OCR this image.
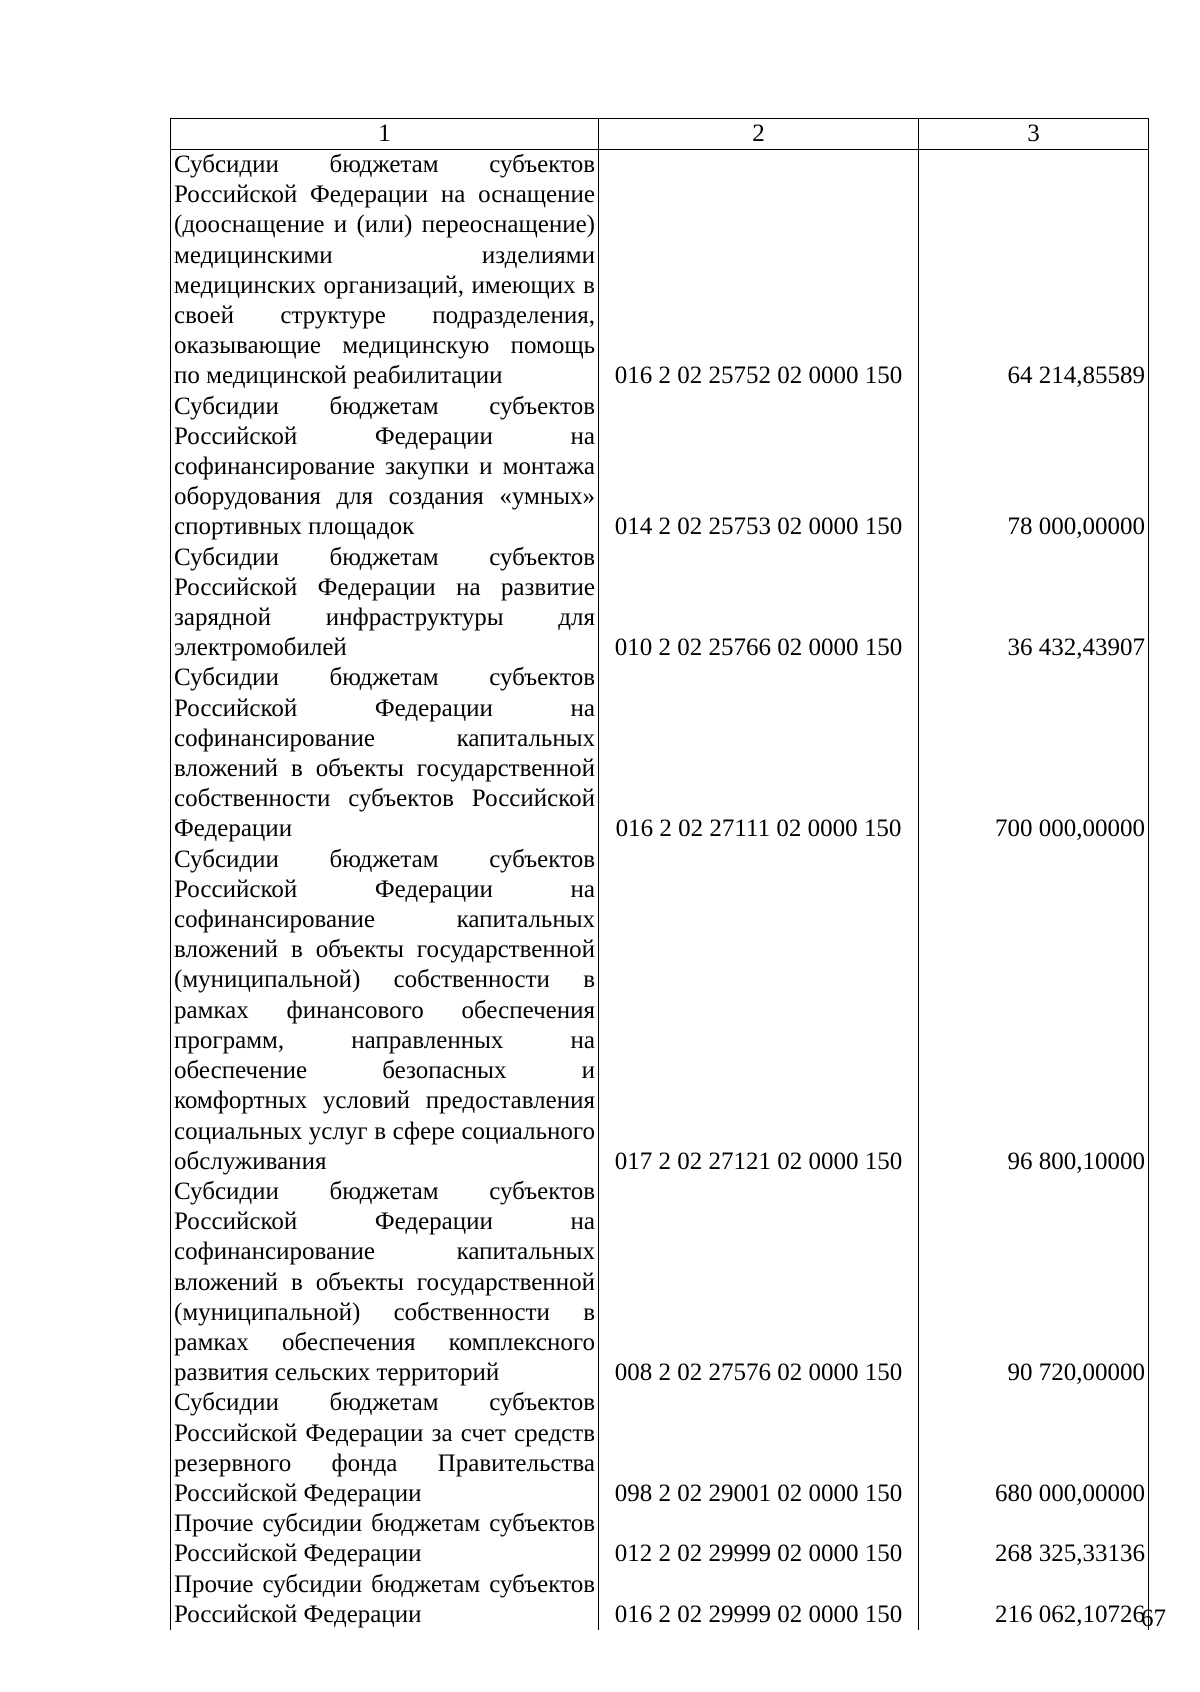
1	2	3
Субсидии бюджетам субъектов Российской Федерации на оснащение (дооснащение и (или) переоснащение) медицинскими изделиями медицинских организаций, имеющих в своей структуре подразделения, оказывающие медицинскую помощь по медицинской реабилитации	016 2 02 25752 02 0000 150	64 214,85589
Субсидии бюджетам субъектов Российской Федерации на софинансирование закупки и монтажа оборудования для создания «умных» спортивных площадок	014 2 02 25753 02 0000 150	78 000,00000
Субсидии бюджетам субъектов Российской Федерации на развитие зарядной инфраструктуры для электромобилей	010 2 02 25766 02 0000 150	36 432,43907
Субсидии бюджетам субъектов Российской Федерации на софинансирование капитальных вложений в объекты государственной собственности субъектов Российской Федерации	016 2 02 27111 02 0000 150	700 000,00000
Субсидии бюджетам субъектов Российской Федерации на софинансирование капитальных вложений в объекты государственной (муниципальной) собственности в рамках финансового обеспечения программ, направленных на обеспечение безопасных и комфортных условий предоставления социальных услуг в сфере социального обслуживания	017 2 02 27121 02 0000 150	96 800,10000
Субсидии бюджетам субъектов Российской Федерации на софинансирование капитальных вложений в объекты государственной (муниципальной) собственности в рамках обеспечения комплексного развития сельских территорий	008 2 02 27576 02 0000 150	90 720,00000
Субсидии бюджетам субъектов Российской Федерации за счет средств резервного фонда Правительства Российской Федерации	098 2 02 29001 02 0000 150	680 000,00000
Прочие субсидии бюджетам субъектов Российской Федерации	012 2 02 29999 02 0000 150	268 325,33136
Прочие субсидии бюджетам субъектов Российской Федерации	016 2 02 29999 02 0000 150	216 062,10726
67
